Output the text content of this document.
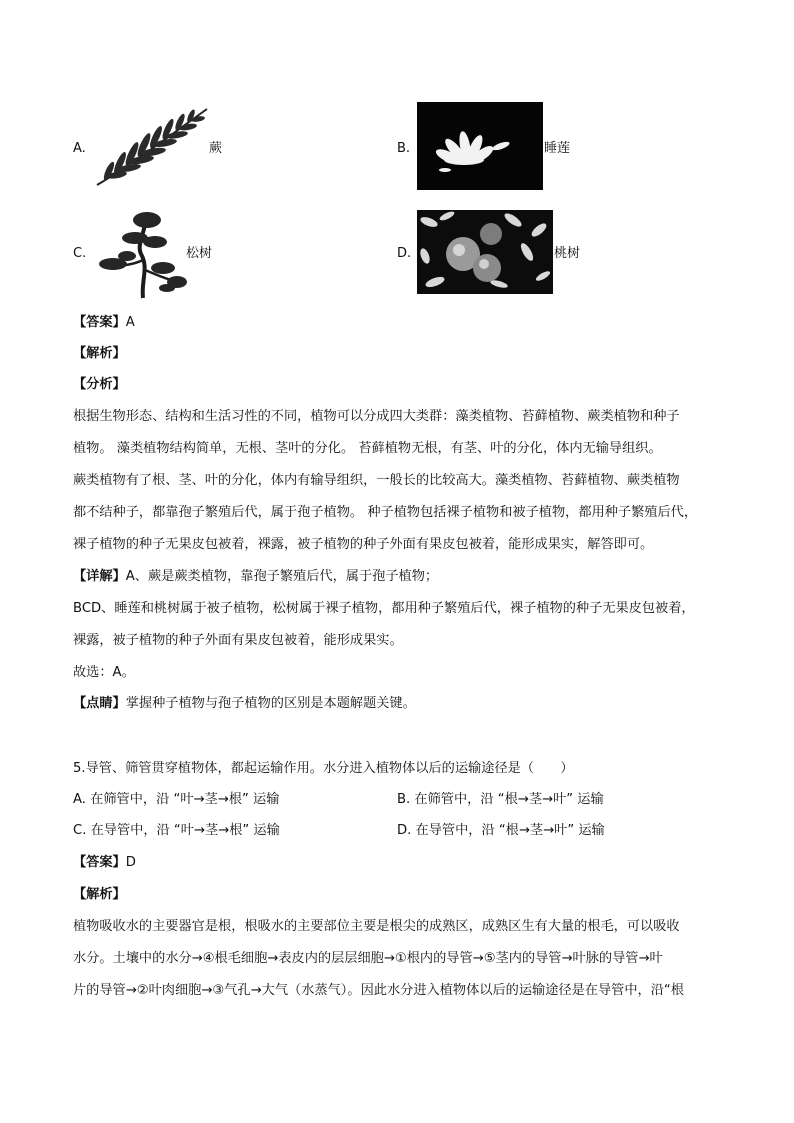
A.	蕨	B.	睡莲
C.	松树	D.	桃树
【答案】A
【解析】
【分析】
根据生物形态、结构和生活习性的不同，植物可以分成四大类群：藻类植物、苔藓植物、蕨类植物和种子
植物。 藻类植物结构简单，无根、茎叶的分化。 苔藓植物无根，有茎、叶的分化，体内无输导组织。
蕨类植物有了根、茎、叶的分化，体内有输导组织，一般长的比较高大。藻类植物、苔藓植物、蕨类植物
都不结种子，都靠孢子繁殖后代，属于孢子植物。 种子植物包括裸子植物和被子植物，都用种子繁殖后代，
裸子植物的种子无果皮包被着，裸露，被子植物的种子外面有果皮包被着，能形成果实，解答即可。
【详解】A、蕨是蕨类植物，靠孢子繁殖后代，属于孢子植物；
BCD、睡莲和桃树属于被子植物，松树属于裸子植物，都用种子繁殖后代，裸子植物的种子无果皮包被着，
裸露，被子植物的种子外面有果皮包被着，能形成果实。
故选：A。
【点睛】掌握种子植物与孢子植物的区别是本题解题关键。
5.导管、筛管贯穿植物体，都起运输作用。水分进入植物体以后的运输途径是（　　）
A. 在筛管中，沿 “叶→茎→根” 运输	B. 在筛管中，沿 “根→茎→叶” 运输
C. 在导管中，沿 “叶→茎→根” 运输	D. 在导管中，沿 “根→茎→叶” 运输
【答案】D
【解析】
植物吸收水的主要器官是根，根吸水的主要部位主要是根尖的成熟区，成熟区生有大量的根毛，可以吸收
水分。土壤中的水分→④根毛细胞→表皮内的层层细胞→①根内的导管→⑤茎内的导管→叶脉的导管→叶
片的导管→②叶肉细胞→③气孔→大气（水蒸气）。因此水分进入植物体以后的运输途径是在导管中，沿“根
